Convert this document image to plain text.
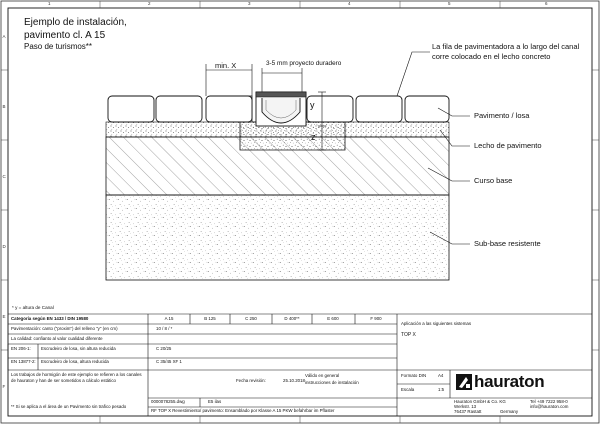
1	2	3	4	5	6
A
B
C
D
E
F
Ejemplo de instalación,
pavimento cl. A 15
Paso de turismos**
min. X	3-5 mm proyecto duradero
y
z
La fila de pavimentadora a lo largo del canal corre colocado en el lecho concreto
Pavimento / losa
Lecho de pavimento
Curso base
Sub-base resistente
* y = altura de Canal
Categoría según EN 1433 / DIN 19580	A 15	B 125	C 250	D 400**	E 600	F 900
Pavimentación: canto ("proxim") del relleno "y" (en cm)	10 / 8 / *
La calidad: confianto al valor cualidad diferente
EN 206-1: Escrudeiro de losa, sin altura reducida	C 20/25
EN 13877-2: Escrudeiro de losa, altura reducida	C 35/45 XF 1
Los trabajos de hormigón de este ejemplo se refieren a los canales de hauraton y han de ser sometidos a cálculo estático
** Si se aplica a el área de un Pavimento sin trafico pesado
Aplicación a las siguientes sistemas
TOP X
Fecha revisión:	25.10.2018
Válido en general
instrucciones de instalación
0000078255.dwg	E5 ilas
RF TOP X Revestimiento/ pavimento: Ensamblado por Klasse A 15 PKW befahrbar im Pflaster
Formato DIN	A4
Escala	1:5 hauraton
Hauraton GmbH & Co. KG
Werkstr. 13
76437 Rastatt	Germany
Tel +49 7222 958-0
info@hauraton.com
